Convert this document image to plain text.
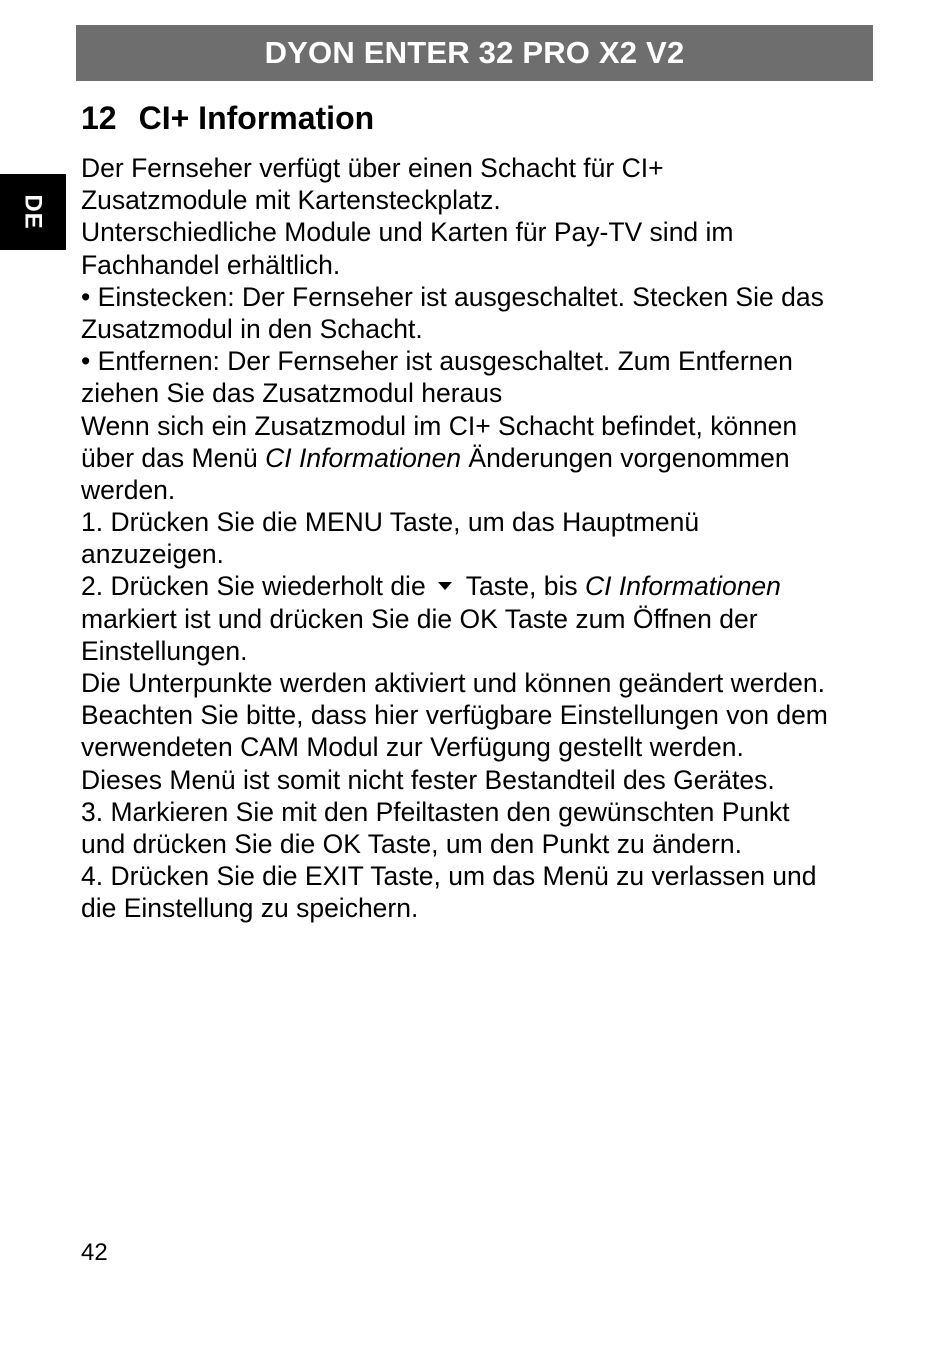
DYON ENTER 32 PRO X2 V2
DE
12 CI+ Information
Der Fernseher verfügt über einen Schacht für CI+
Zusatzmodule mit Kartensteckplatz.
Unterschiedliche Module und Karten für Pay-TV sind im
Fachhandel erhältlich.
• Einstecken: Der Fernseher ist ausgeschaltet. Stecken Sie das
Zusatzmodul in den Schacht.
• Entfernen: Der Fernseher ist ausgeschaltet. Zum Entfernen
ziehen Sie das Zusatzmodul heraus
Wenn sich ein Zusatzmodul im CI+ Schacht befindet, können
über das Menü CI Informationen Änderungen vorgenommen
werden.
1. Drücken Sie die MENU Taste, um das Hauptmenü
anzuzeigen.
2. Drücken Sie wiederholt die Taste, bis CI Informationen
markiert ist und drücken Sie die OK Taste zum Öffnen der
Einstellungen.
Die Unterpunkte werden aktiviert und können geändert werden.
Beachten Sie bitte, dass hier verfügbare Einstellungen von dem
verwendeten CAM Modul zur Verfügung gestellt werden.
Dieses Menü ist somit nicht fester Bestandteil des Gerätes.
3. Markieren Sie mit den Pfeiltasten den gewünschten Punkt
und drücken Sie die OK Taste, um den Punkt zu ändern.
4. Drücken Sie die EXIT Taste, um das Menü zu verlassen und
die Einstellung zu speichern.
42
